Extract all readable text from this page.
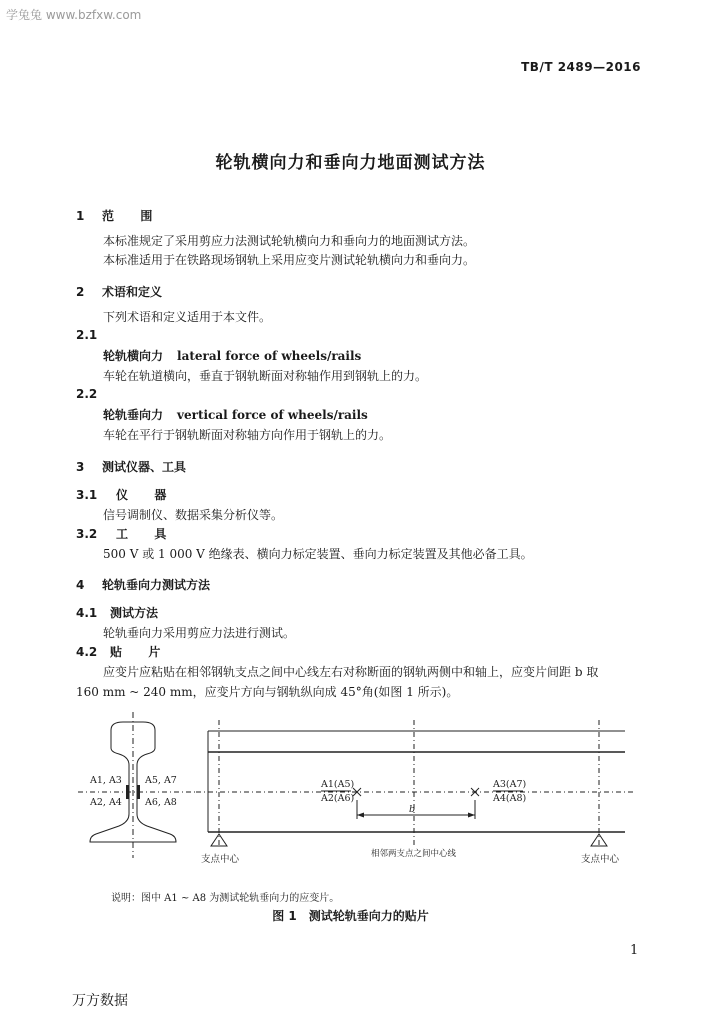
学兔兔 www.bzfxw.com
TB/T 2489—2016
轮轨横向力和垂向力地面测试方法
1 范围
本标准规定了采用剪应力法测试轮轨横向力和垂向力的地面测试方法。
本标准适用于在铁路现场钢轨上采用应变片测试轮轨横向力和垂向力。
2 术语和定义
下列术语和定义适用于本文件。
2.1
轮轨横向力 lateral force of wheels/rails
车轮在轨道横向，垂直于钢轨断面对称轴作用到钢轨上的力。
2.2
轮轨垂向力 vertical force of wheels/rails
车轮在平行于钢轨断面对称轴方向作用于钢轨上的力。
3 测试仪器、工具
3.1 仪器
信号调制仪、数据采集分析仪等。
3.2 工具
500 V 或 1 000 V 绝缘表、横向力标定装置、垂向力标定装置及其他必备工具。
4 轮轨垂向力测试方法
4.1 测试方法
轮轨垂向力采用剪应力法进行测试。
4.2 贴片
应变片应粘贴在相邻钢轨支点之间中心线左右对称断面的钢轨两侧中和轴上，应变片间距 b 取
160 mm ~ 240 mm，应变片方向与钢轨纵向成 45°角(如图 1 所示)。
A1, A3 A5, A7
A2, A4 A6, A8
A1(A5)
A2(A6)
A3(A7)
A4(A8)
b
支点中心	支点中心
相邻两支点之间中心线
说明：图中 A1 ~ A8 为测试轮轨垂向力的应变片。
图 1　测试轮轨垂向力的贴片
1
万方数据
